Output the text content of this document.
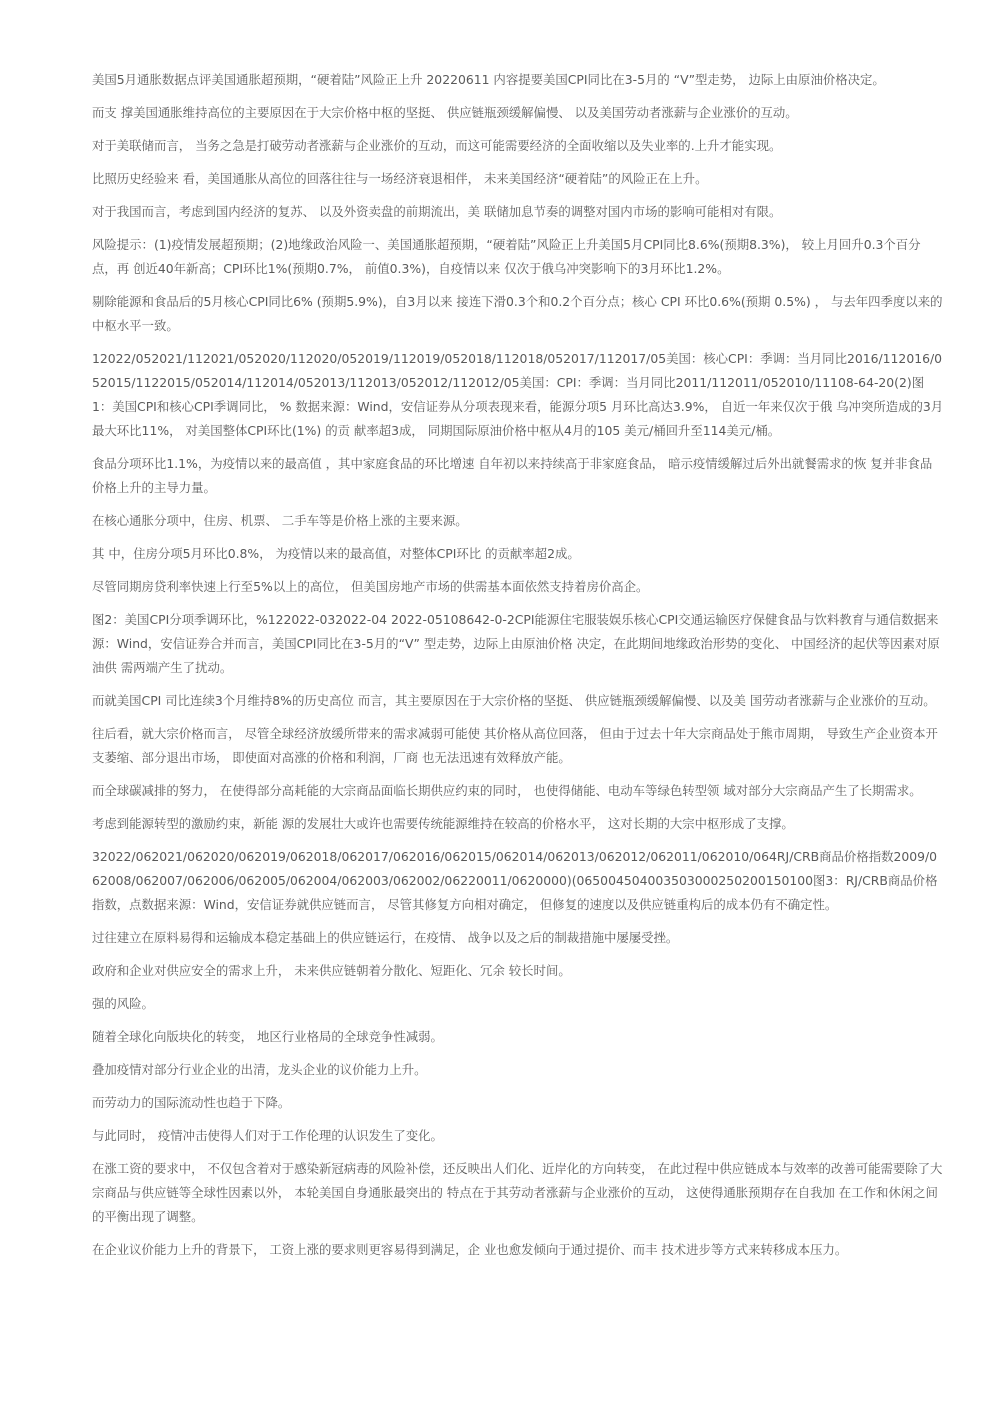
美国5月通胀数据点评美国通胀超预期，“硬着陆”风险正上升 20220611 内容提要美国CPI同比在3-5月的 “V”型走势， 边际上由原油价格决定。

而支 撑美国通胀维持高位的主要原因在于大宗价格中枢的坚挺、 供应链瓶颈缓解偏慢、 以及美国劳动者涨薪与企业涨价的互动。

对于美联储而言， 当务之急是打破劳动者涨薪与企业涨价的互动，而这可能需要经济的全面收缩以及失业率的.上升才能实现。

比照历史经验来 看，美国通胀从高位的回落往往与一场经济衰退相伴， 未来美国经济“硬着陆”的风险正在上升。

对于我国而言，考虑到国内经济的复苏、 以及外资卖盘的前期流出，美 联储加息节奏的调整对国内市场的影响可能相对有限。

风险提示：(1)疫情发展超预期；(2)地缘政治风险一、美国通胀超预期，“硬着陆”风险正上升美国5月CPI同比8.6%(预期8.3%)， 较上月回升0.3个百分点，再 创近40年新高；CPI环比1%(预期0.7%， 前值0.3%)，自疫情以来 仅次于俄乌冲突影响下的3月环比1.2%。

剔除能源和食品后的5月核心CPI同比6% (预期5.9%)，自3月以来 接连下滑0.3个和0.2个百分点；核心 CPI 环比0.6%(预期 0.5%) ， 与去年四季度以来的中枢水平一致。

12022/052021/112021/052020/112020/052019/112019/052018/112018/052017/112017/05美国：核心CPI：季调：当月同比2016/112016/052015/1122015/052014/112014/052013/112013/052012/112012/05美国：CPI：季调：当月同比2011/112011/052010/11108-64-20(2)图1：美国CPI和核心CPI季调同比， % 数据来源：Wind，安信证券从分项表现来看，能源分项5 月环比高达3.9%， 自近一年来仅次于俄 乌冲突所造成的3月最大环比11%， 对美国整体CPI环比(1%) 的贡 献率超3成， 同期国际原油价格中枢从4月的105 美元/桶回升至114美元/桶。

食品分项环比1.1%，为疫情以来的最高值 ，其中家庭食品的环比增速 自年初以来持续高于非家庭食品， 暗示疫情缓解过后外出就餐需求的恢 复并非食品价格上升的主导力量。

在核心通胀分项中，住房、机票、 二手车等是价格上涨的主要来源。

其 中，住房分项5月环比0.8%， 为疫情以来的最高值，对整体CPI环比 的贡献率超2成。

尽管同期房贷利率快速上行至5%以上的高位， 但美国房地产市场的供需基本面依然支持着房价高企。

图2：美国CPI分项季调环比，%122022-032022-04 2022-05108642-0-2CPI能源住宅服装娱乐核心CPI交通运输医疗保健食品与饮料教育与通信数据来源：Wind，安信证券合并而言，美国CPI同比在3-5月的“V” 型走势，边际上由原油价格 决定，在此期间地缘政治形势的变化、 中国经济的起伏等因素对原油供 需两端产生了扰动。

而就美国CPI 司比连续3个月维持8%的历史高位 而言，其主要原因在于大宗价格的坚挺、 供应链瓶颈缓解偏慢、以及美 国劳动者涨薪与企业涨价的互动。

往后看，就大宗价格而言， 尽管全球经济放缓所带来的需求减弱可能使 其价格从高位回落， 但由于过去十年大宗商品处于熊市周期， 导致生产企业资本开支萎缩、部分退出市场， 即使面对高涨的价格和利润，厂商 也无法迅速有效释放产能。

而全球碳减排的努力， 在使得部分高耗能的大宗商品面临长期供应约束的同时， 也使得储能、电动车等绿色转型领 域对部分大宗商品产生了长期需求。

考虑到能源转型的激励约束，新能 源的发展壮大或许也需要传统能源维持在较高的价格水平， 这对长期的大宗中枢形成了支撑。

32022/062021/062020/062019/062018/062017/062016/062015/062014/062013/062012/062011/062010/064RJ/CRB商品价格指数2009/062008/062007/062006/062005/062004/062003/062002/06220011/0620000)(065004504003503000250200150100图3：RJ/CRB商品价格指数，点数据来源：Wind，安信证券就供应链而言， 尽管其修复方向相对确定， 但修复的速度以及供应链重构后的成本仍有不确定性。

过往建立在原料易得和运输成本稳定基础上的供应链运行，在疫情、 战争以及之后的制裁措施中屡屡受挫。

政府和企业对供应安全的需求上升， 未来供应链朝着分散化、短距化、冗余 较长时间。

强的风险。

随着全球化向版块化的转变， 地区行业格局的全球竞争性减弱。

叠加疫情对部分行业企业的出清，龙头企业的议价能力上升。

而劳动力的国际流动性也趋于下降。

与此同时， 疫情冲击使得人们对于工作伦理的认识发生了变化。

在涨工资的要求中， 不仅包含着对于感染新冠病毒的风险补偿，还反映出人们化、近岸化的方向转变， 在此过程中供应链成本与效率的改善可能需要除了大宗商品与供应链等全球性因素以外， 本轮美国自身通胀最突出的 特点在于其劳动者涨薪与企业涨价的互动， 这使得通胀预期存在自我加 在工作和休闲之间的平衡出现了调整。

在企业议价能力上升的背景下， 工资上涨的要求则更容易得到满足，企 业也愈发倾向于通过提价、而丰 技术进步等方式来转移成本压力。
